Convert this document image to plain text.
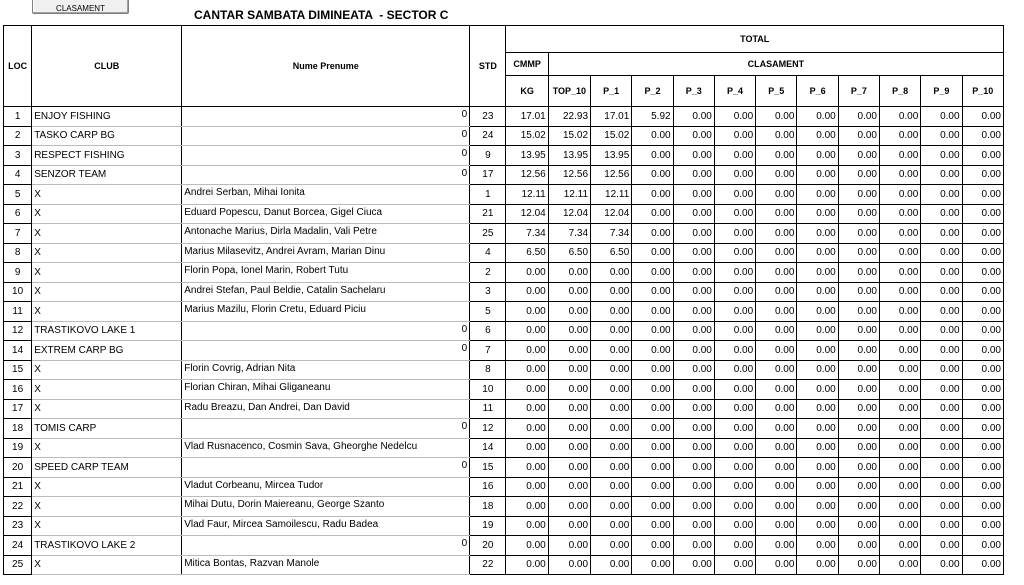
CLASAMENT	CANTAR SAMBATA DIMINEATA  - SECTOR C
LOC	CLUB	Nume Prenume	STD	TOTAL											
				CMMP	CLASAMENT										
				KG	TOP_10	P_1	P_2	P_3	P_4	P_5	P_6	P_7	P_8	P_9	P_10
1	ENJOY FISHING	0	23	17.01	22.93	17.01	5.92	0.00	0.00	0.00	0.00	0.00	0.00	0.00	0.00
2	TASKO CARP BG	0	24	15.02	15.02	15.02	0.00	0.00	0.00	0.00	0.00	0.00	0.00	0.00	0.00
3	RESPECT FISHING	0	9	13.95	13.95	13.95	0.00	0.00	0.00	0.00	0.00	0.00	0.00	0.00	0.00
4	SENZOR TEAM	0	17	12.56	12.56	12.56	0.00	0.00	0.00	0.00	0.00	0.00	0.00	0.00	0.00
5	X	Andrei Serban, Mihai Ionita	1	12.11	12.11	12.11	0.00	0.00	0.00	0.00	0.00	0.00	0.00	0.00	0.00
6	X	Eduard Popescu, Danut Borcea, Gigel Ciuca	21	12.04	12.04	12.04	0.00	0.00	0.00	0.00	0.00	0.00	0.00	0.00	0.00
7	X	Antonache Marius, Dirla Madalin, Vali Petre	25	7.34	7.34	7.34	0.00	0.00	0.00	0.00	0.00	0.00	0.00	0.00	0.00
8	X	Marius Milasevitz, Andrei Avram, Marian Dinu	4	6.50	6.50	6.50	0.00	0.00	0.00	0.00	0.00	0.00	0.00	0.00	0.00
9	X	Florin Popa, Ionel Marin, Robert Tutu	2	0.00	0.00	0.00	0.00	0.00	0.00	0.00	0.00	0.00	0.00	0.00	0.00
10	X	Andrei Stefan, Paul Beldie, Catalin Sachelaru	3	0.00	0.00	0.00	0.00	0.00	0.00	0.00	0.00	0.00	0.00	0.00	0.00
11	X	Marius Mazilu, Florin Cretu, Eduard Piciu	5	0.00	0.00	0.00	0.00	0.00	0.00	0.00	0.00	0.00	0.00	0.00	0.00
12	TRASTIKOVO LAKE 1	0	6	0.00	0.00	0.00	0.00	0.00	0.00	0.00	0.00	0.00	0.00	0.00	0.00
14	EXTREM CARP BG	0	7	0.00	0.00	0.00	0.00	0.00	0.00	0.00	0.00	0.00	0.00	0.00	0.00
15	X	Florin Covrig, Adrian Nita	8	0.00	0.00	0.00	0.00	0.00	0.00	0.00	0.00	0.00	0.00	0.00	0.00
16	X	Florian Chiran, Mihai Gliganeanu	10	0.00	0.00	0.00	0.00	0.00	0.00	0.00	0.00	0.00	0.00	0.00	0.00
17	X	Radu Breazu, Dan Andrei, Dan David	11	0.00	0.00	0.00	0.00	0.00	0.00	0.00	0.00	0.00	0.00	0.00	0.00
18	TOMIS CARP	0	12	0.00	0.00	0.00	0.00	0.00	0.00	0.00	0.00	0.00	0.00	0.00	0.00
19	X	Vlad Rusnacenco, Cosmin Sava, Gheorghe Nedelcu	14	0.00	0.00	0.00	0.00	0.00	0.00	0.00	0.00	0.00	0.00	0.00	0.00
20	SPEED CARP TEAM	0	15	0.00	0.00	0.00	0.00	0.00	0.00	0.00	0.00	0.00	0.00	0.00	0.00
21	X	Vladut Corbeanu, Mircea Tudor	16	0.00	0.00	0.00	0.00	0.00	0.00	0.00	0.00	0.00	0.00	0.00	0.00
22	X	Mihai Dutu, Dorin Maiereanu, George Szanto	18	0.00	0.00	0.00	0.00	0.00	0.00	0.00	0.00	0.00	0.00	0.00	0.00
23	X	Vlad Faur, Mircea Samoilescu, Radu Badea	19	0.00	0.00	0.00	0.00	0.00	0.00	0.00	0.00	0.00	0.00	0.00	0.00
24	TRASTIKOVO LAKE 2	0	20	0.00	0.00	0.00	0.00	0.00	0.00	0.00	0.00	0.00	0.00	0.00	0.00
25	X	Mitica Bontas, Razvan Manole	22	0.00	0.00	0.00	0.00	0.00	0.00	0.00	0.00	0.00	0.00	0.00	0.00
